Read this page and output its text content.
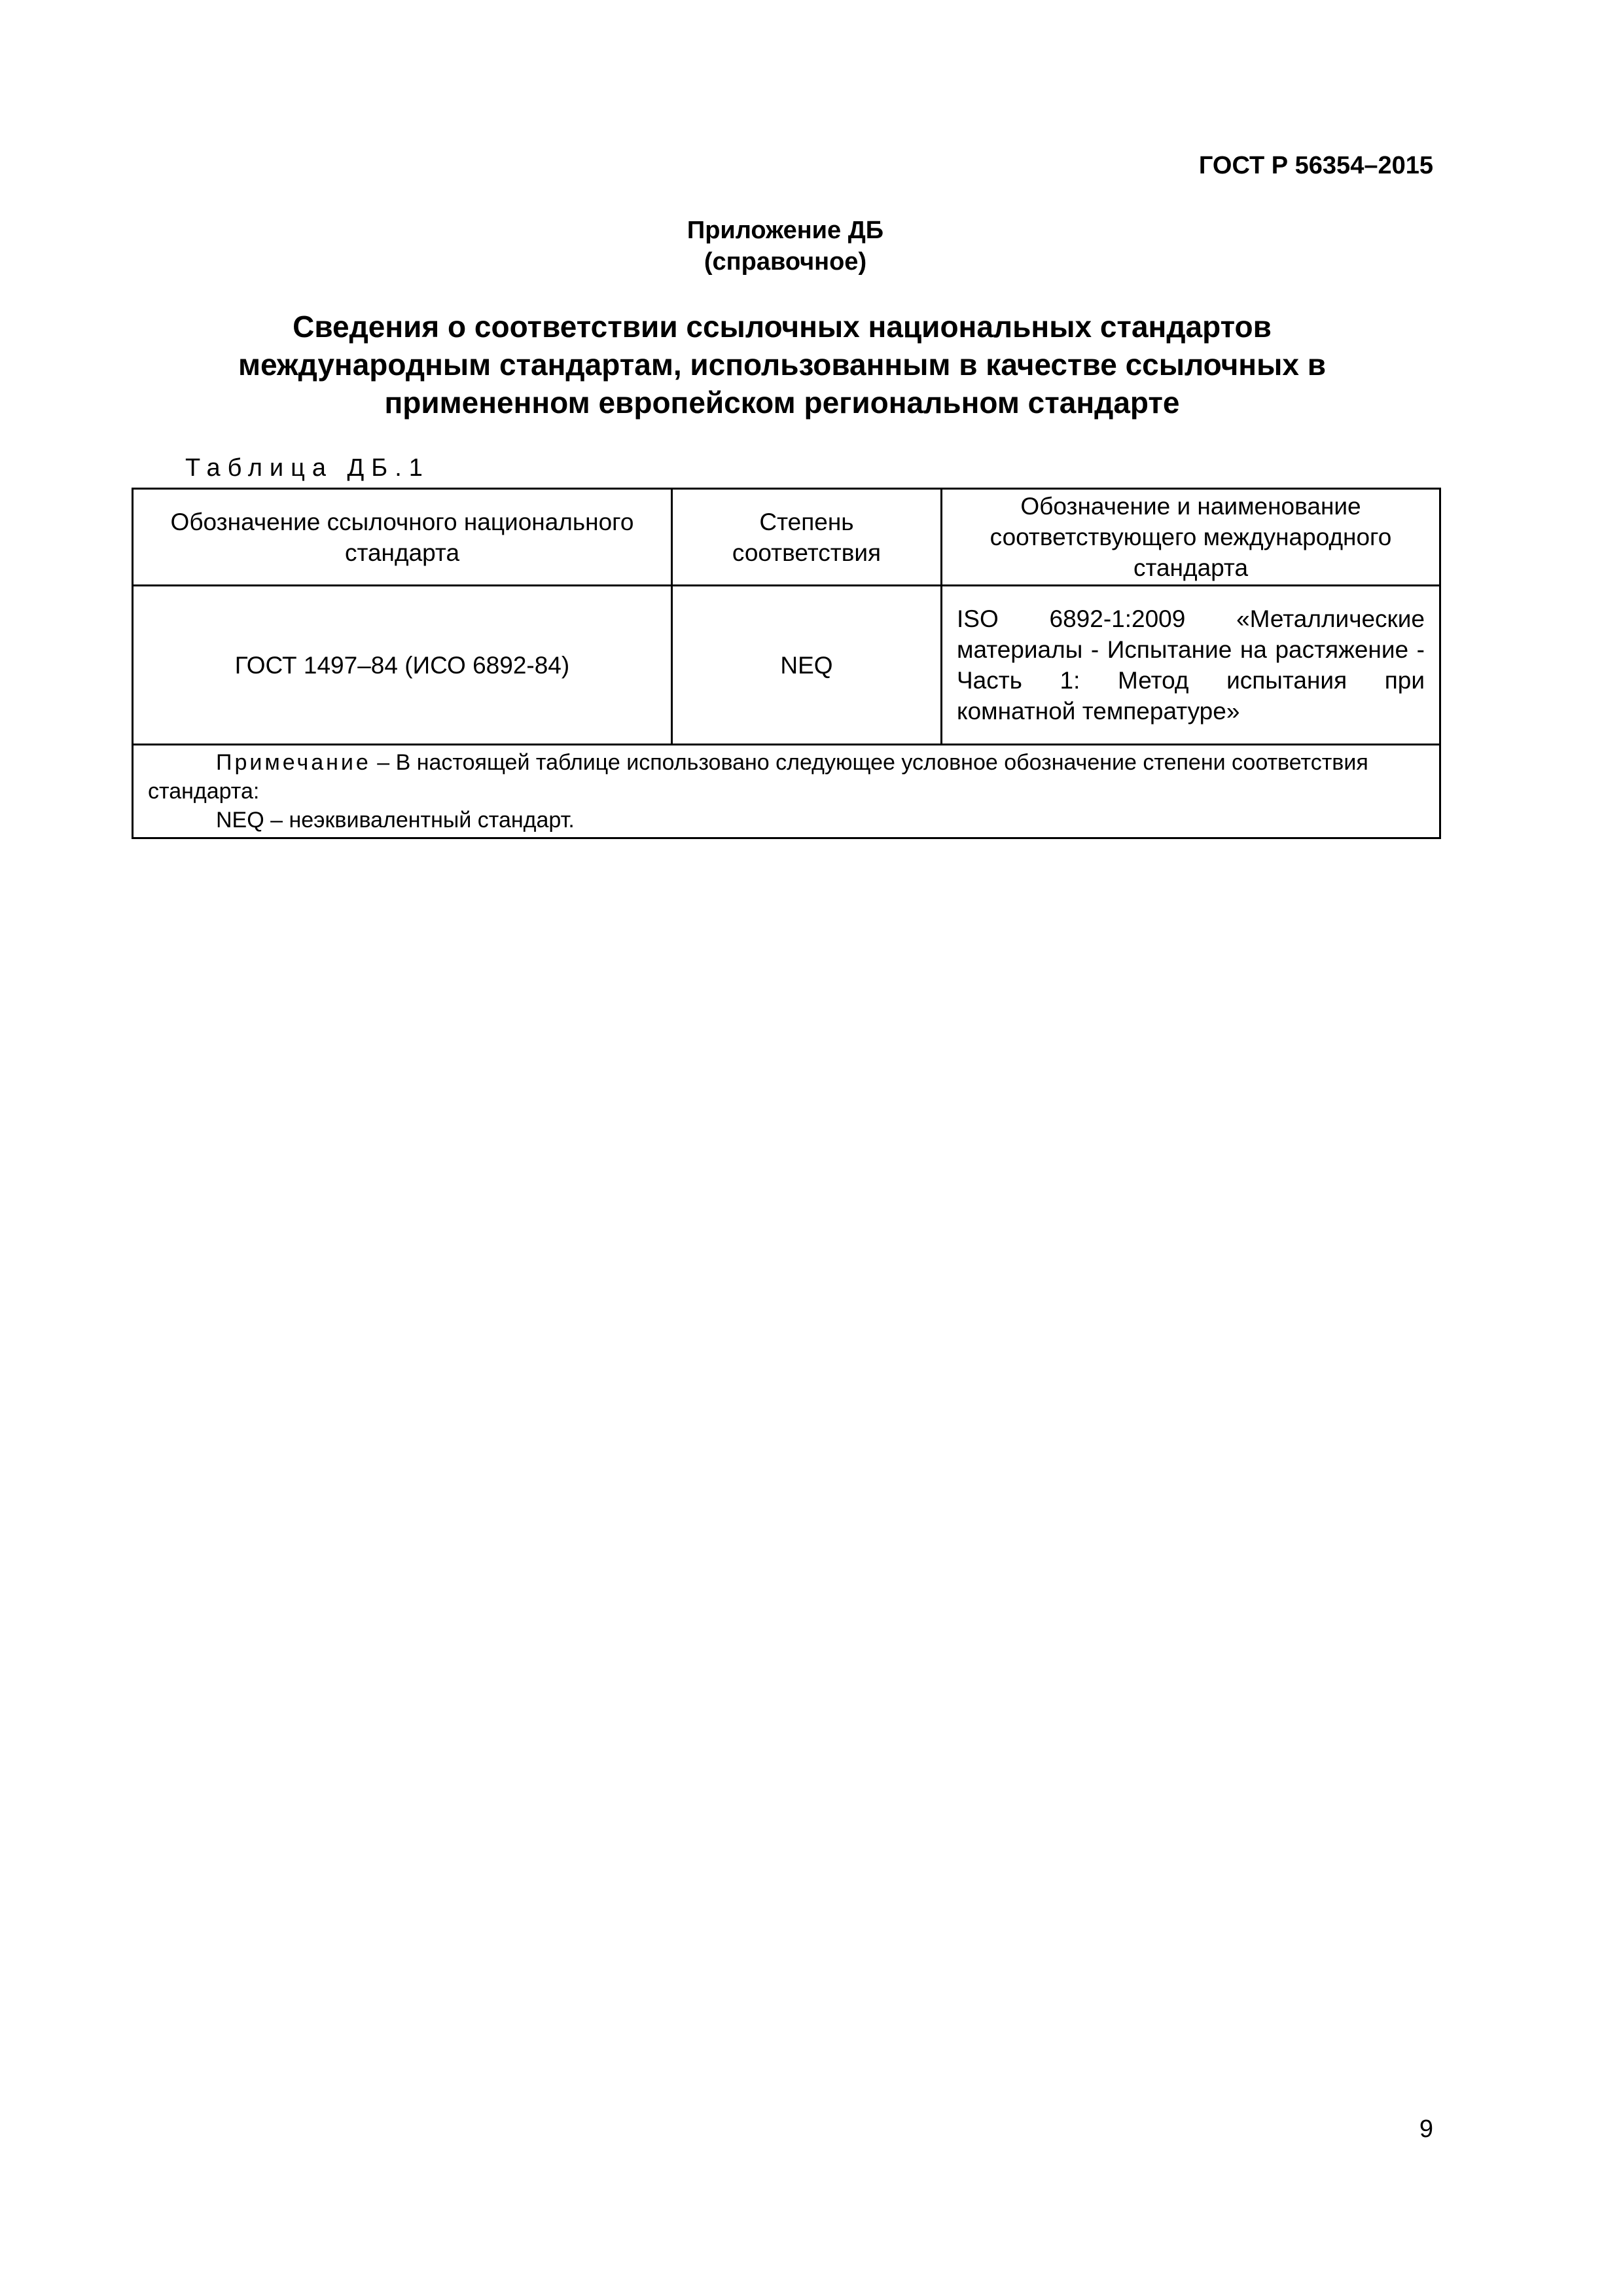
ГОСТ Р 56354–2015
Приложение ДБ
(справочное)
Сведения о соответствии ссылочных национальных стандартов
международным стандартам, использованным в качестве ссылочных в
примененном европейском региональном стандарте
Таблица ДБ.1
Обозначение ссылочного национального стандарта	Степень соответствия	Обозначение и наименование соответствующего международного стандарта
ГОСТ 1497–84 (ИСО 6892-84)	NEQ	ISO 6892-1:2009 «Металлические материалы - Испытание на растяжение - Часть 1: Метод испытания при комнатной температуре»
Примечание – В настоящей таблице использовано следующее условное обозначение степени соответствия стандарта:
NEQ – неэквивалентный стандарт.		
9
